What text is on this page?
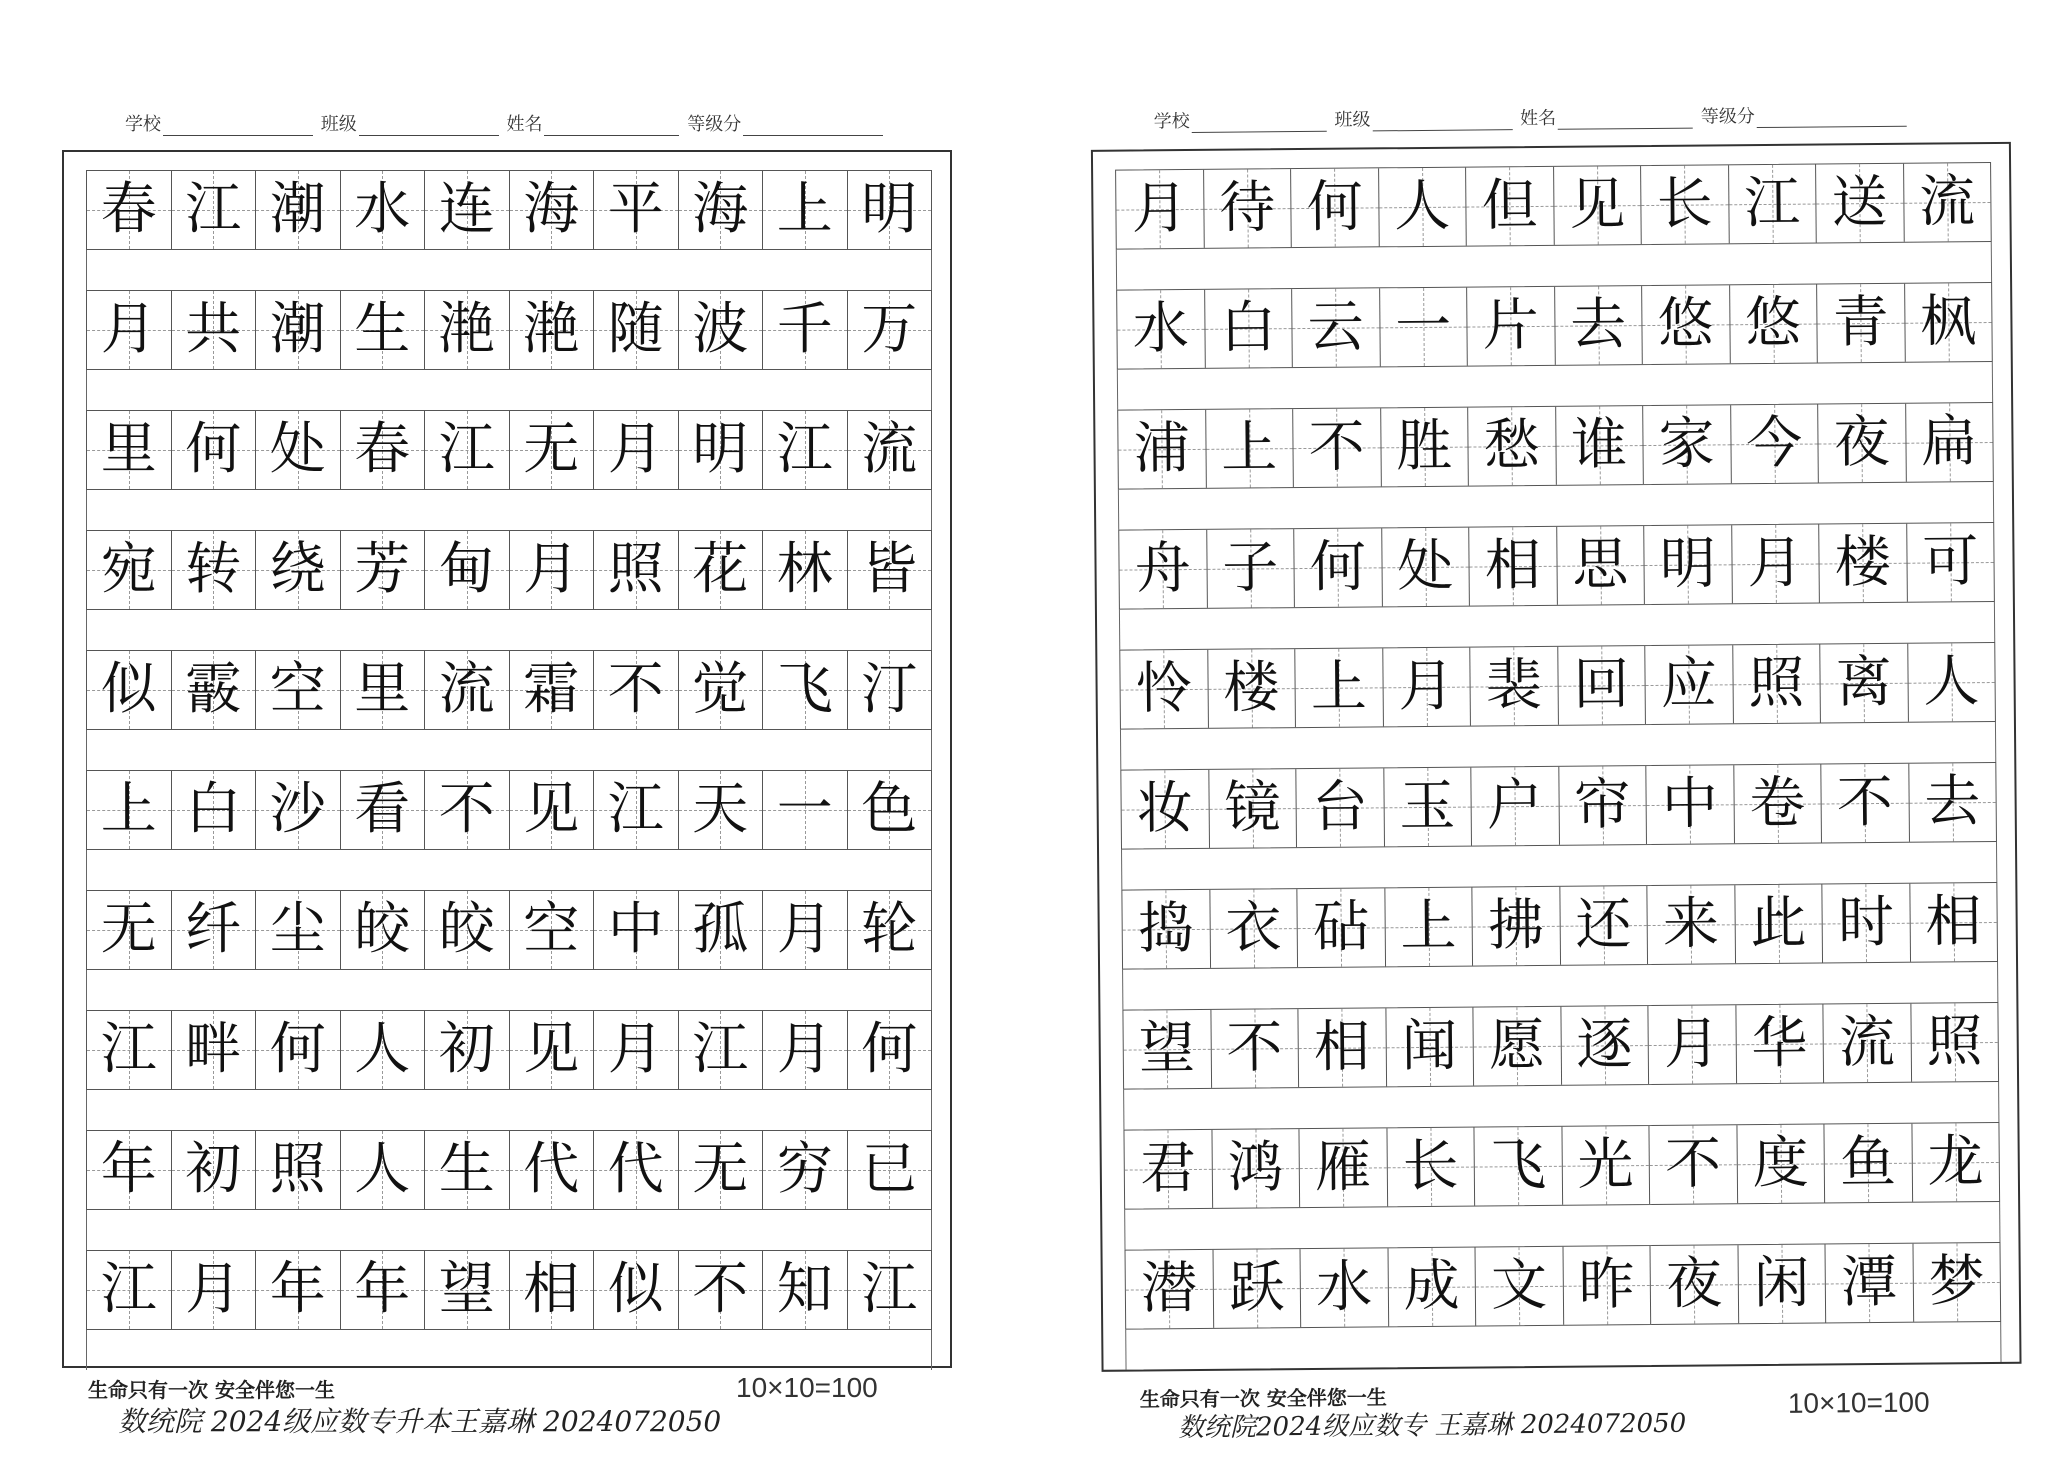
学校	班级	姓名	等级分
春 江 潮 水 连 海 平 海 上 明
月 共 潮 生 滟 滟 随 波 千 万
里 何 处 春 江 无 月 明 江 流
宛 转 绕 芳 甸 月 照 花 林 皆
似 霰 空 里 流 霜 不 觉 飞 汀
上 白 沙 看 不 见 江 天 一 色
无 纤 尘 皎 皎 空 中 孤 月 轮
江 畔 何 人 初 见 月 江 月 何
年 初 照 人 生 代 代 无 穷 已
江 月 年 年 望 相 似 不 知 江
生命只有一次 安全伴您一生
数统院 2024级应数专升本王嘉琳 2024072050
10×10=100
学校	班级	姓名	等级分
月 待 何 人 但 见 长 江 送 流
水 白 云 一 片 去 悠 悠 青 枫
浦 上 不 胜 愁 谁 家 今 夜 扁
舟 子 何 处 相 思 明 月 楼 可
怜 楼 上 月 裴 回 应 照 离 人
妆 镜 台 玉 户 帘 中 卷 不 去
捣 衣 砧 上 拂 还 来 此 时 相
望 不 相 闻 愿 逐 月 华 流 照
君 鸿 雁 长 飞 光 不 度 鱼 龙
潜 跃 水 成 文 昨 夜 闲 潭 梦
生命只有一次 安全伴您一生
数统院2024级应数专 王嘉琳 2024072050
10×10=100
